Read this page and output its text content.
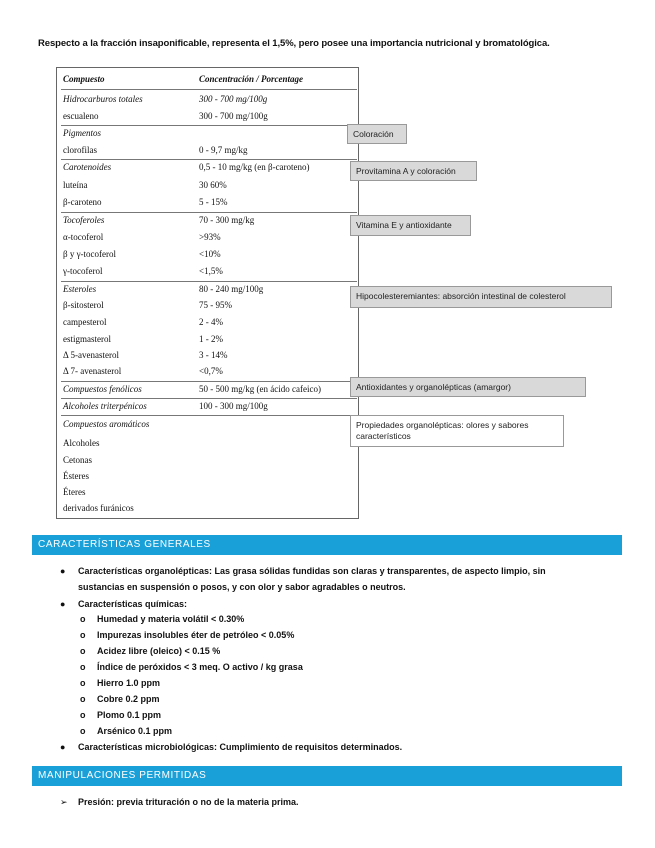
Respecto a la fracción insaponificable, representa el 1,5%, pero posee una importancia nutricional y bromatológica.
Compuesto	Concentración / Porcentage
Hidrocarburos totales	300 - 700 mg/100g
escualeno	300 - 700 mg/100g
Pigmentos
clorofilas	0 - 9,7 mg/kg
Carotenoides	0,5 - 10 mg/kg (en β-caroteno)
luteína	30 60%
β-caroteno	5 - 15%
Tocoferoles	70 - 300 mg/kg
α-tocoferol	>93%
β y γ-tocoferol	<10%
γ-tocoferol	<1,5%
Esteroles	80 - 240 mg/100g
β-sitosterol	75 - 95%
campesterol	2 - 4%
estigmasterol	1 - 2%
Δ 5-avenasterol	3 - 14%
Δ 7- avenasterol	<0,7%
Compuestos fenólicos	50 - 500 mg/kg (en ácido cafeico)
Alcoholes triterpénicos	100 - 300 mg/100g
Compuestos aromáticos
Alcoholes
Cetonas
Ésteres
Éteres
derivados furánicos
Coloración
Provitamina A y coloración
Vitamina E y antioxidante
Hipocolesteremiantes: absorción intestinal de colesterol
Antioxidantes y organolépticas (amargor)
Propiedades organolépticas: olores y sabores característicos
CARACTERÍSTICAS GENERALES
● Características organolépticas: Las grasa sólidas fundidas son claras y transparentes, de aspecto limpio, sin
sustancias en suspensión o posos, y con olor y sabor agradables o neutros.
● Características químicas:
o Humedad y materia volátil < 0.30%
o Impurezas insolubles éter de petróleo < 0.05%
o Acidez libre (oleico) < 0.15 %
o Índice de peróxidos < 3 meq. O activo / kg grasa
o Hierro 1.0 ppm
o Cobre 0.2 ppm
o Plomo 0.1 ppm
o Arsénico 0.1 ppm
● Características microbiológicas: Cumplimiento de requisitos determinados.
MANIPULACIONES PERMITIDAS
➢ Presión: previa trituración o no de la materia prima.
